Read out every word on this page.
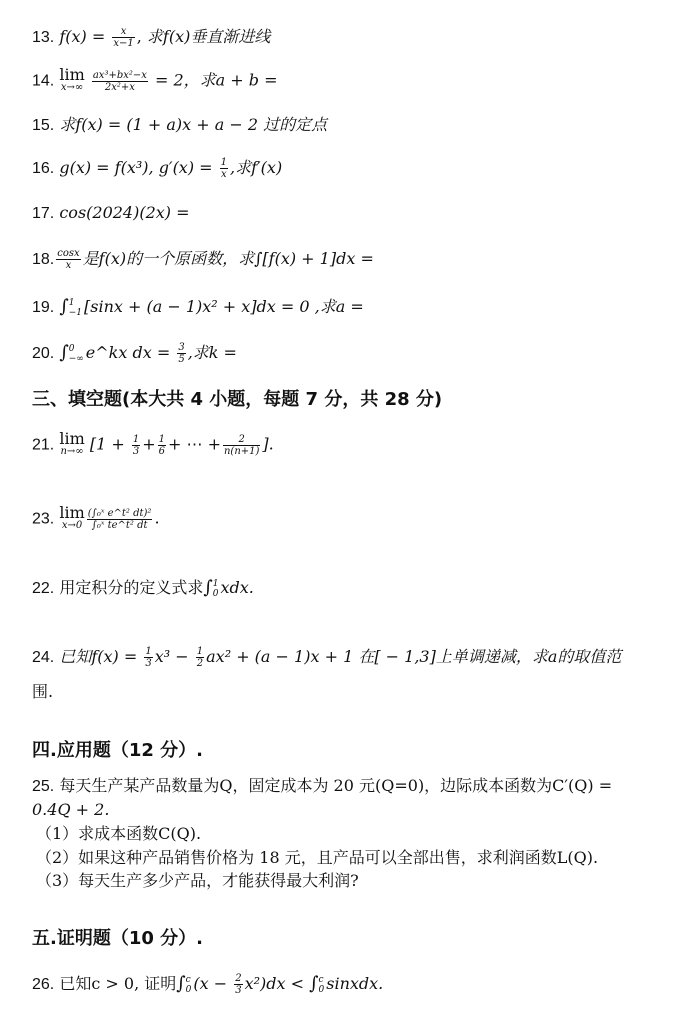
13. $f(x) = \frac{x}{x-1}$ , 求f(x)垂直渐进线
14. lim
x→∞
$\frac{\text{ax³+bx²−x}}{\text{2x²+x}} = 2$，求a + b =
15. 求f(x) = (1 + a)x + a − 2 过的定点
16. g(x) = f(x³), $g'(x) = \frac{1}{x}$ ,求f′(x)
17. cos(2024)(2x) =
18. $\frac{\cos x}{x}$ 是f(x)的一个原函数，求∫[f(x) + 1]dx =
19. ∫ 1
−1 [sinx + (a − 1)x² + x]dx = 0 ,求a =
20. ∫ 0
−∞ e^kx dx = $\frac{3}{5}$ ,求k =
三、填空题(本大共 4 小题，每题 7 分，共 28 分)
21. lim
n→∞ [$1 + \frac{1}{3} + \frac{1}{6}$ + ⋯ + $\frac{2}{n(n+1)}$ ].
23. lim
$x\to 0 \frac{\text{(∫₀ˣ e\textasciicircum{}t² dt)²}}{\text{∫₀ˣ te\textasciicircum{}t² dt}}$ .
22. 用定积分的定义式求∫ 1
0 xdx.
24. 已知$f(x) = \frac{1}{3} x^3 - \frac{1}{2} ax^2 + (a - 1)x + 1$ 在[ − 1,3]上单调递减，求a的取值范
围.
四.应用题（12 分）.
25. 每天生产某产品数量为Q，固定成本为 20 元(Q=0)，边际成本函数为C′(Q) =
0.4Q + 2.
（1）求成本函数C(Q).
（2）如果这种产品销售价格为 18 元，且产品可以全部出售，求利润函数L(Q).
（3）每天生产多少产品，才能获得最大利润?
五.证明题（10 分）.
26. 已知c > 0, 证明∫ c
0 $(x - \frac{2}{3} x^2)dx$ < ∫ c
0 sinxdx.
